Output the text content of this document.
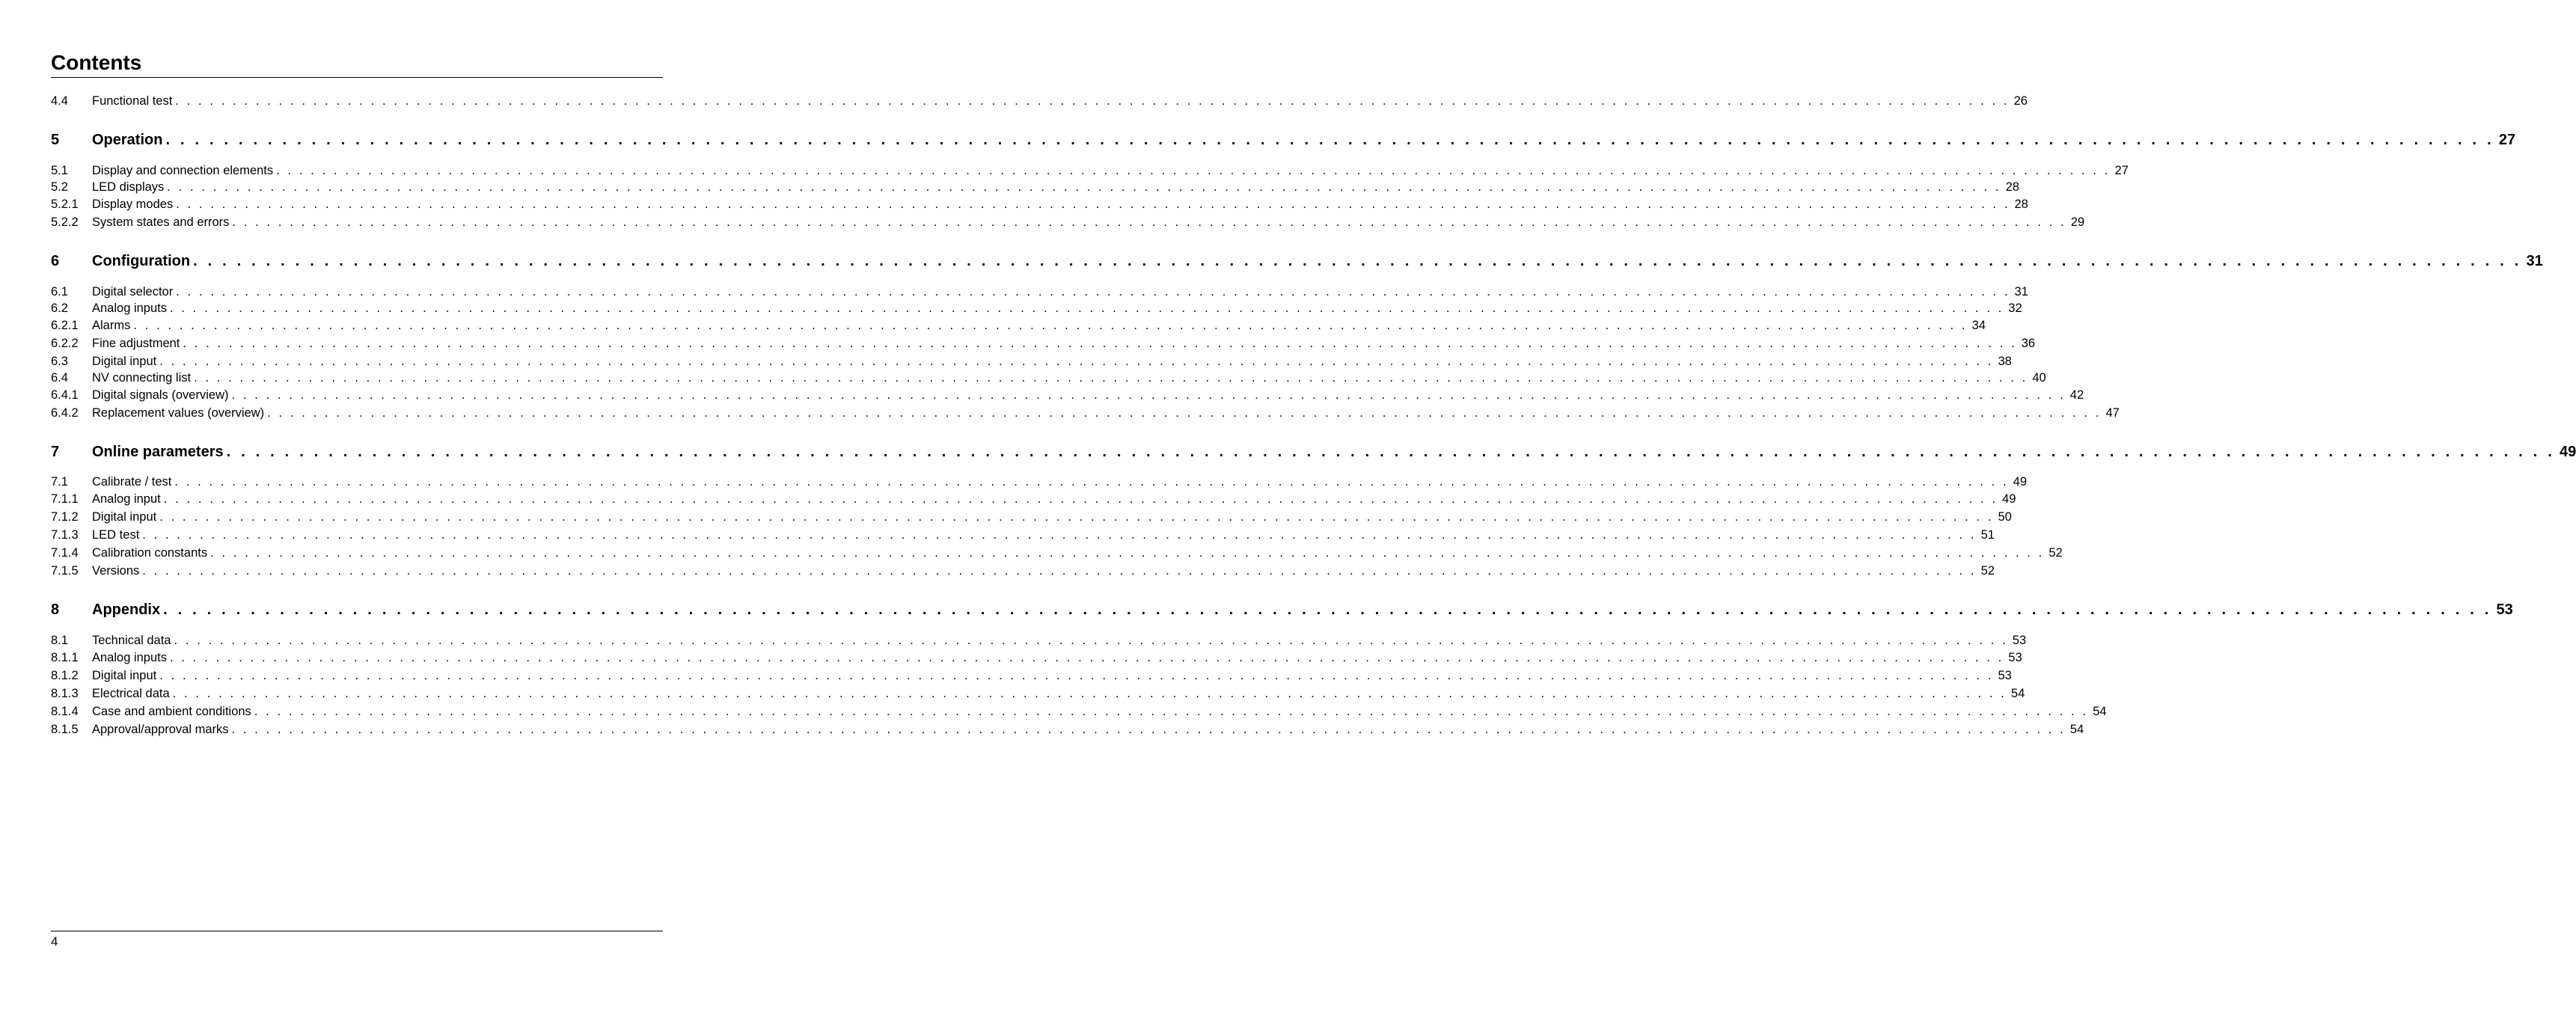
Contents
4.4	Functional test . . . . . . . . . . . . . . . . . . . . . . . . . . . . . . . . . . . . . . . . . . . . . . . . . . . . . . . . . . . . . . . . . . . . . . . . . . . . . . . . . . . . . . . . . . . . . . . . . . . . . . . . . . . . . . . . . . . . . . . . . . . . . . . . . . . . . . . . . . . . . . . . . . . . . . . . . . . . . . . . 26
5	Operation . . . . . . . . . . . . . . . . . . . . . . . . . . . . . . . . . . . . . . . . . . . . . . . . . . . . . . . . . . . . . . . . . . . . . . . . . . . . . . . . . . . . . . . . . . . . . . . . . . . . . . . . . . . . . . . . . . . . . . . . . . . . . . . . . . . . . . . . . . . . . . . . . . . . . . . . . . . . . . . . 27
5.1	Display and connection elements . . . . . . . . . . . . . . . . . . . . . . . . . . . . . . . . . . . . . . . . . . . . . . . . . . . . . . . . . . . . . . . . . . . . . . . . . . . . . . . . . . . . . . . . . . . . . . . . . . . . . . . . . . . . . . . . . . . . . . . . . . . . . . . . . . . . . . . . . . . . . . . . . . . . . . . . . . . . . . . . 27
5.2	LED displays . . . . . . . . . . . . . . . . . . . . . . . . . . . . . . . . . . . . . . . . . . . . . . . . . . . . . . . . . . . . . . . . . . . . . . . . . . . . . . . . . . . . . . . . . . . . . . . . . . . . . . . . . . . . . . . . . . . . . . . . . . . . . . . . . . . . . . . . . . . . . . . . . . . . . . . . . . . . . . . . 28
5.2.1	Display modes . . . . . . . . . . . . . . . . . . . . . . . . . . . . . . . . . . . . . . . . . . . . . . . . . . . . . . . . . . . . . . . . . . . . . . . . . . . . . . . . . . . . . . . . . . . . . . . . . . . . . . . . . . . . . . . . . . . . . . . . . . . . . . . . . . . . . . . . . . . . . . . . . . . . . . . . . . . . . . . . 28
5.2.2	System states and errors . . . . . . . . . . . . . . . . . . . . . . . . . . . . . . . . . . . . . . . . . . . . . . . . . . . . . . . . . . . . . . . . . . . . . . . . . . . . . . . . . . . . . . . . . . . . . . . . . . . . . . . . . . . . . . . . . . . . . . . . . . . . . . . . . . . . . . . . . . . . . . . . . . . . . . . . . . . . . . . . 29
6	Configuration . . . . . . . . . . . . . . . . . . . . . . . . . . . . . . . . . . . . . . . . . . . . . . . . . . . . . . . . . . . . . . . . . . . . . . . . . . . . . . . . . . . . . . . . . . . . . . . . . . . . . . . . . . . . . . . . . . . . . . . . . . . . . . . . . . . . . . . . . . . . . . . . . . . . . . . . . . . . . . . . 31
6.1	Digital selector . . . . . . . . . . . . . . . . . . . . . . . . . . . . . . . . . . . . . . . . . . . . . . . . . . . . . . . . . . . . . . . . . . . . . . . . . . . . . . . . . . . . . . . . . . . . . . . . . . . . . . . . . . . . . . . . . . . . . . . . . . . . . . . . . . . . . . . . . . . . . . . . . . . . . . . . . . . . . . . . 31
6.2	Analog inputs . . . . . . . . . . . . . . . . . . . . . . . . . . . . . . . . . . . . . . . . . . . . . . . . . . . . . . . . . . . . . . . . . . . . . . . . . . . . . . . . . . . . . . . . . . . . . . . . . . . . . . . . . . . . . . . . . . . . . . . . . . . . . . . . . . . . . . . . . . . . . . . . . . . . . . . . . . . . . . . . 32
6.2.1	Alarms . . . . . . . . . . . . . . . . . . . . . . . . . . . . . . . . . . . . . . . . . . . . . . . . . . . . . . . . . . . . . . . . . . . . . . . . . . . . . . . . . . . . . . . . . . . . . . . . . . . . . . . . . . . . . . . . . . . . . . . . . . . . . . . . . . . . . . . . . . . . . . . . . . . . . . . . . . . . . . . . 34
6.2.2	Fine adjustment . . . . . . . . . . . . . . . . . . . . . . . . . . . . . . . . . . . . . . . . . . . . . . . . . . . . . . . . . . . . . . . . . . . . . . . . . . . . . . . . . . . . . . . . . . . . . . . . . . . . . . . . . . . . . . . . . . . . . . . . . . . . . . . . . . . . . . . . . . . . . . . . . . . . . . . . . . . . . . . . 36
6.3	Digital input . . . . . . . . . . . . . . . . . . . . . . . . . . . . . . . . . . . . . . . . . . . . . . . . . . . . . . . . . . . . . . . . . . . . . . . . . . . . . . . . . . . . . . . . . . . . . . . . . . . . . . . . . . . . . . . . . . . . . . . . . . . . . . . . . . . . . . . . . . . . . . . . . . . . . . . . . . . . . . . . 38
6.4	NV connecting list . . . . . . . . . . . . . . . . . . . . . . . . . . . . . . . . . . . . . . . . . . . . . . . . . . . . . . . . . . . . . . . . . . . . . . . . . . . . . . . . . . . . . . . . . . . . . . . . . . . . . . . . . . . . . . . . . . . . . . . . . . . . . . . . . . . . . . . . . . . . . . . . . . . . . . . . . . . . . . . . 40
6.4.1	Digital signals (overview) . . . . . . . . . . . . . . . . . . . . . . . . . . . . . . . . . . . . . . . . . . . . . . . . . . . . . . . . . . . . . . . . . . . . . . . . . . . . . . . . . . . . . . . . . . . . . . . . . . . . . . . . . . . . . . . . . . . . . . . . . . . . . . . . . . . . . . . . . . . . . . . . . . . . . . . . . . . . . . . . 42
6.4.2	Replacement values (overview) . . . . . . . . . . . . . . . . . . . . . . . . . . . . . . . . . . . . . . . . . . . . . . . . . . . . . . . . . . . . . . . . . . . . . . . . . . . . . . . . . . . . . . . . . . . . . . . . . . . . . . . . . . . . . . . . . . . . . . . . . . . . . . . . . . . . . . . . . . . . . . . . . . . . . . . . . . . . . . . . 47
7	Online parameters . . . . . . . . . . . . . . . . . . . . . . . . . . . . . . . . . . . . . . . . . . . . . . . . . . . . . . . . . . . . . . . . . . . . . . . . . . . . . . . . . . . . . . . . . . . . . . . . . . . . . . . . . . . . . . . . . . . . . . . . . . . . . . . . . . . . . . . . . . . . . . . . . . . . . . . . . . . . . . . . 49
7.1	Calibrate / test . . . . . . . . . . . . . . . . . . . . . . . . . . . . . . . . . . . . . . . . . . . . . . . . . . . . . . . . . . . . . . . . . . . . . . . . . . . . . . . . . . . . . . . . . . . . . . . . . . . . . . . . . . . . . . . . . . . . . . . . . . . . . . . . . . . . . . . . . . . . . . . . . . . . . . . . . . . . . . . . 49
7.1.1	Analog input . . . . . . . . . . . . . . . . . . . . . . . . . . . . . . . . . . . . . . . . . . . . . . . . . . . . . . . . . . . . . . . . . . . . . . . . . . . . . . . . . . . . . . . . . . . . . . . . . . . . . . . . . . . . . . . . . . . . . . . . . . . . . . . . . . . . . . . . . . . . . . . . . . . . . . . . . . . . . . . . 49
7.1.2	Digital input . . . . . . . . . . . . . . . . . . . . . . . . . . . . . . . . . . . . . . . . . . . . . . . . . . . . . . . . . . . . . . . . . . . . . . . . . . . . . . . . . . . . . . . . . . . . . . . . . . . . . . . . . . . . . . . . . . . . . . . . . . . . . . . . . . . . . . . . . . . . . . . . . . . . . . . . . . . . . . . . 50
7.1.3	LED test . . . . . . . . . . . . . . . . . . . . . . . . . . . . . . . . . . . . . . . . . . . . . . . . . . . . . . . . . . . . . . . . . . . . . . . . . . . . . . . . . . . . . . . . . . . . . . . . . . . . . . . . . . . . . . . . . . . . . . . . . . . . . . . . . . . . . . . . . . . . . . . . . . . . . . . . . . . . . . . . 51
7.1.4	Calibration constants . . . . . . . . . . . . . . . . . . . . . . . . . . . . . . . . . . . . . . . . . . . . . . . . . . . . . . . . . . . . . . . . . . . . . . . . . . . . . . . . . . . . . . . . . . . . . . . . . . . . . . . . . . . . . . . . . . . . . . . . . . . . . . . . . . . . . . . . . . . . . . . . . . . . . . . . . . . . . . . . 52
7.1.5	Versions . . . . . . . . . . . . . . . . . . . . . . . . . . . . . . . . . . . . . . . . . . . . . . . . . . . . . . . . . . . . . . . . . . . . . . . . . . . . . . . . . . . . . . . . . . . . . . . . . . . . . . . . . . . . . . . . . . . . . . . . . . . . . . . . . . . . . . . . . . . . . . . . . . . . . . . . . . . . . . . . 52
8	Appendix . . . . . . . . . . . . . . . . . . . . . . . . . . . . . . . . . . . . . . . . . . . . . . . . . . . . . . . . . . . . . . . . . . . . . . . . . . . . . . . . . . . . . . . . . . . . . . . . . . . . . . . . . . . . . . . . . . . . . . . . . . . . . . . . . . . . . . . . . . . . . . . . . . . . . . . . . . . . . . . . 53
8.1	Technical data . . . . . . . . . . . . . . . . . . . . . . . . . . . . . . . . . . . . . . . . . . . . . . . . . . . . . . . . . . . . . . . . . . . . . . . . . . . . . . . . . . . . . . . . . . . . . . . . . . . . . . . . . . . . . . . . . . . . . . . . . . . . . . . . . . . . . . . . . . . . . . . . . . . . . . . . . . . . . . . . 53
8.1.1	Analog inputs . . . . . . . . . . . . . . . . . . . . . . . . . . . . . . . . . . . . . . . . . . . . . . . . . . . . . . . . . . . . . . . . . . . . . . . . . . . . . . . . . . . . . . . . . . . . . . . . . . . . . . . . . . . . . . . . . . . . . . . . . . . . . . . . . . . . . . . . . . . . . . . . . . . . . . . . . . . . . . . . 53
8.1.2	Digital input . . . . . . . . . . . . . . . . . . . . . . . . . . . . . . . . . . . . . . . . . . . . . . . . . . . . . . . . . . . . . . . . . . . . . . . . . . . . . . . . . . . . . . . . . . . . . . . . . . . . . . . . . . . . . . . . . . . . . . . . . . . . . . . . . . . . . . . . . . . . . . . . . . . . . . . . . . . . . . . . 53
8.1.3	Electrical data . . . . . . . . . . . . . . . . . . . . . . . . . . . . . . . . . . . . . . . . . . . . . . . . . . . . . . . . . . . . . . . . . . . . . . . . . . . . . . . . . . . . . . . . . . . . . . . . . . . . . . . . . . . . . . . . . . . . . . . . . . . . . . . . . . . . . . . . . . . . . . . . . . . . . . . . . . . . . . . . 54
8.1.4	Case and ambient conditions . . . . . . . . . . . . . . . . . . . . . . . . . . . . . . . . . . . . . . . . . . . . . . . . . . . . . . . . . . . . . . . . . . . . . . . . . . . . . . . . . . . . . . . . . . . . . . . . . . . . . . . . . . . . . . . . . . . . . . . . . . . . . . . . . . . . . . . . . . . . . . . . . . . . . . . . . . . . . . . . 54
8.1.5	Approval/approval marks . . . . . . . . . . . . . . . . . . . . . . . . . . . . . . . . . . . . . . . . . . . . . . . . . . . . . . . . . . . . . . . . . . . . . . . . . . . . . . . . . . . . . . . . . . . . . . . . . . . . . . . . . . . . . . . . . . . . . . . . . . . . . . . . . . . . . . . . . . . . . . . . . . . . . . . . . . . . . . . . 54
4
